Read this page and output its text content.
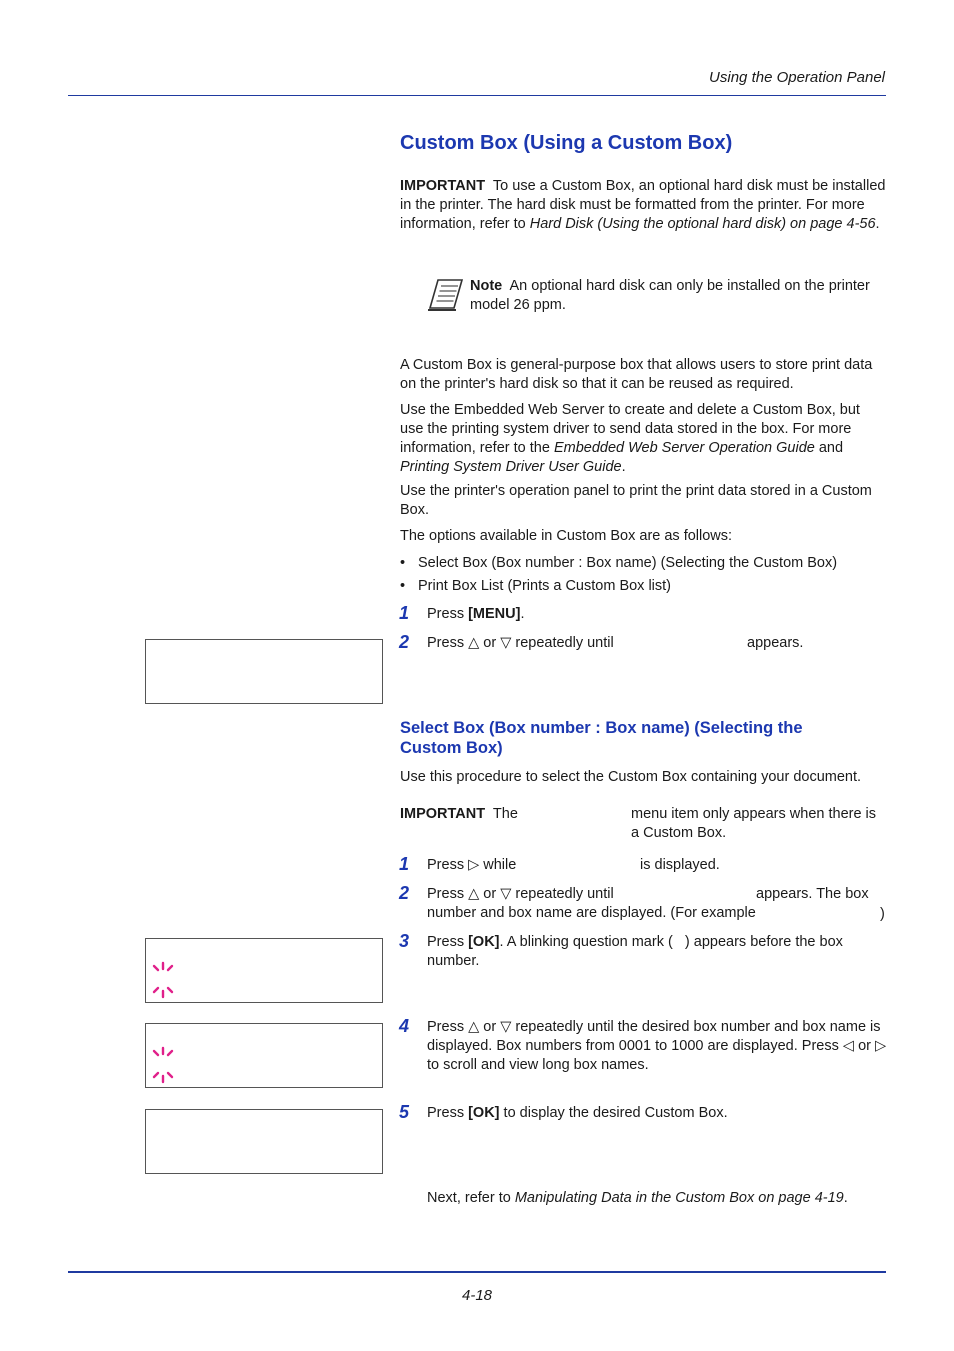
Using the Operation Panel
Custom Box (Using a Custom Box)
IMPORTANT To use a Custom Box, an optional hard disk must be installed in the printer. The hard disk must be formatted from the printer. For more information, refer to Hard Disk (Using the optional hard disk) on page 4-56.
Note An optional hard disk can only be installed on the printer model 26 ppm.
A Custom Box is general-purpose box that allows users to store print data on the printer's hard disk so that it can be reused as required.
Use the Embedded Web Server to create and delete a Custom Box, but use the printing system driver to send data stored in the box. For more information, refer to the Embedded Web Server Operation Guide and Printing System Driver User Guide.
Use the printer's operation panel to print the print data stored in a Custom Box.
The options available in Custom Box are as follows:
• Select Box (Box number : Box name) (Selecting the Custom Box)
• Print Box List (Prints a Custom Box list)
1 Press [MENU].
2 Press △ or ▽ repeatedly until	appears.
Select Box (Box number : Box name) (Selecting the Custom Box)
Use this procedure to select the Custom Box containing your document.
IMPORTANT The	menu item only appears when there is a Custom Box.
1 Press ▷ while	is displayed.
2 Press △ or ▽ repeatedly until	appears. The box number and box name are displayed. (For example	)
3 Press [OK]. A blinking question mark ( ) appears before the box number.
4 Press △ or ▽ repeatedly until the desired box number and box name is displayed. Box numbers from 0001 to 1000 are displayed. Press ◁ or ▷ to scroll and view long box names.
5 Press [OK] to display the desired Custom Box.
Next, refer to Manipulating Data in the Custom Box on page 4-19.
4-18
